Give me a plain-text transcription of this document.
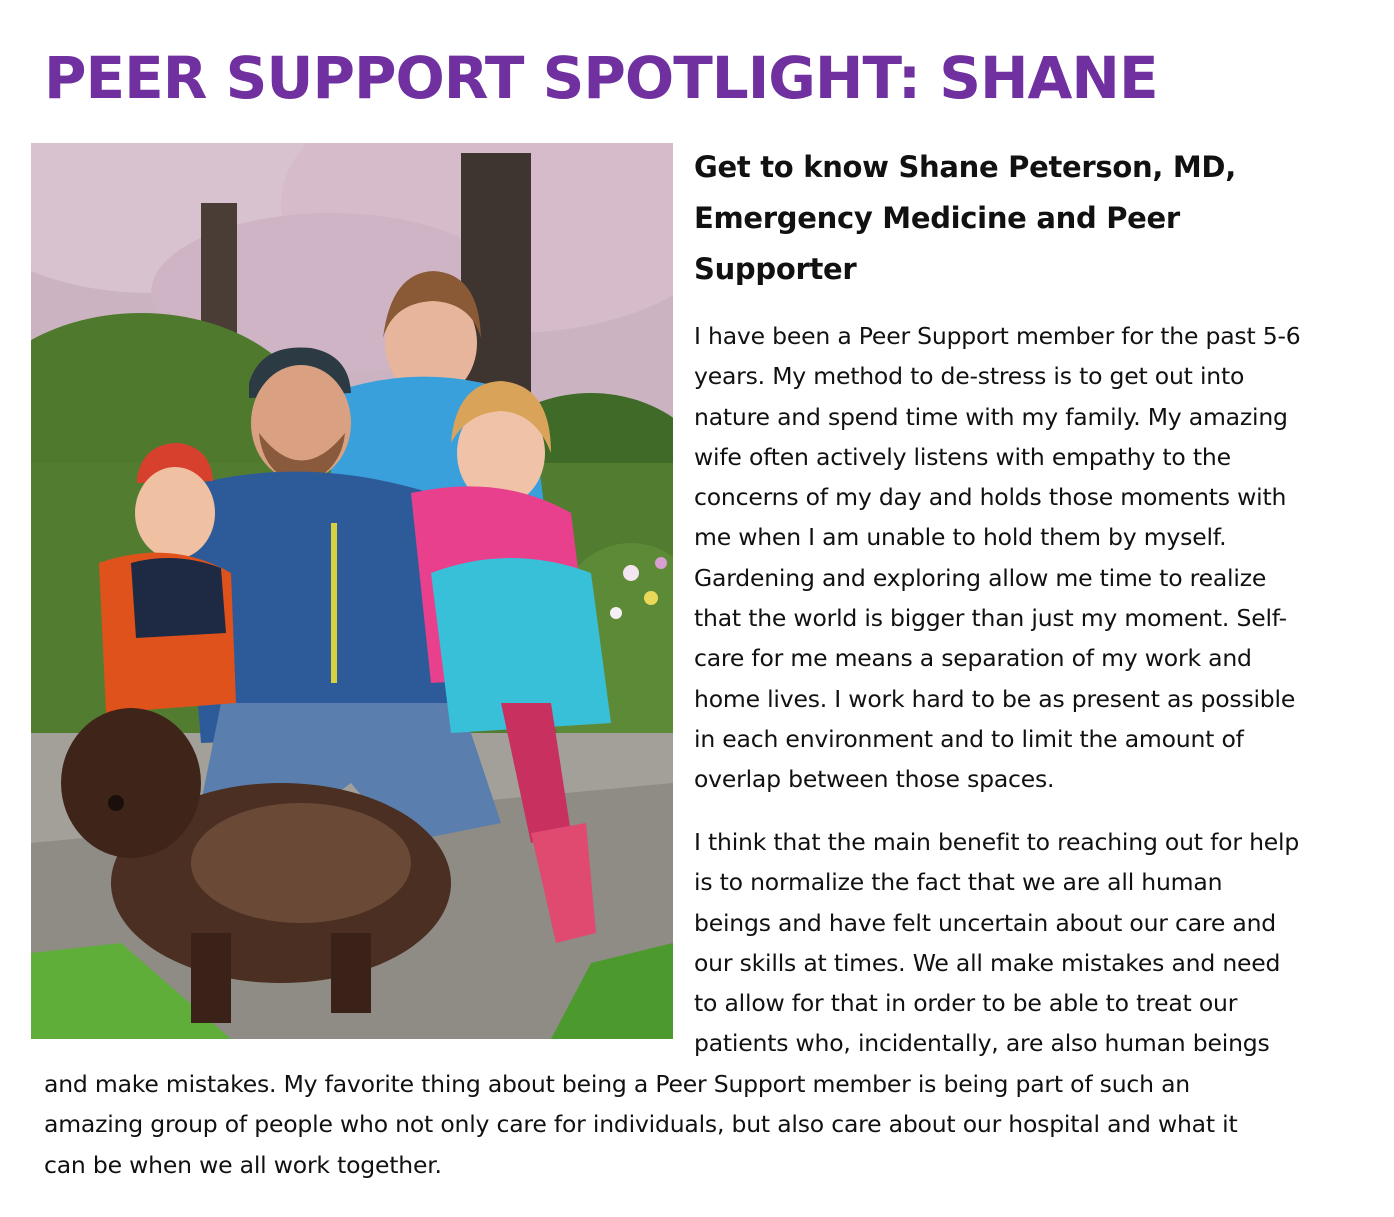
PEER SUPPORT SPOTLIGHT: SHANE
Get to know Shane Peterson, MD, Emergency Medicine and Peer Supporter

I have been a Peer Support member for the past 5-6
years. My method to de-stress is to get out into
nature and spend time with my family. My amazing
wife often actively listens with empathy to the
concerns of my day and holds those moments with
me when I am unable to hold them by myself.
Gardening and exploring allow me time to realize
that the world is bigger than just my moment. Self-
care for me means a separation of my work and
home lives. I work hard to be as present as possible
in each environment and to limit the amount of
overlap between those spaces.

I think that the main benefit to reaching out for help
is to normalize the fact that we are all human
beings and have felt uncertain about our care and
our skills at times. We all make mistakes and need
to allow for that in order to be able to treat our
patients who, incidentally, are also human beings

and make mistakes. My favorite thing about being a Peer Support member is being part of such an
amazing group of people who not only care for individuals, but also care about our hospital and what it
can be when we all work together.
